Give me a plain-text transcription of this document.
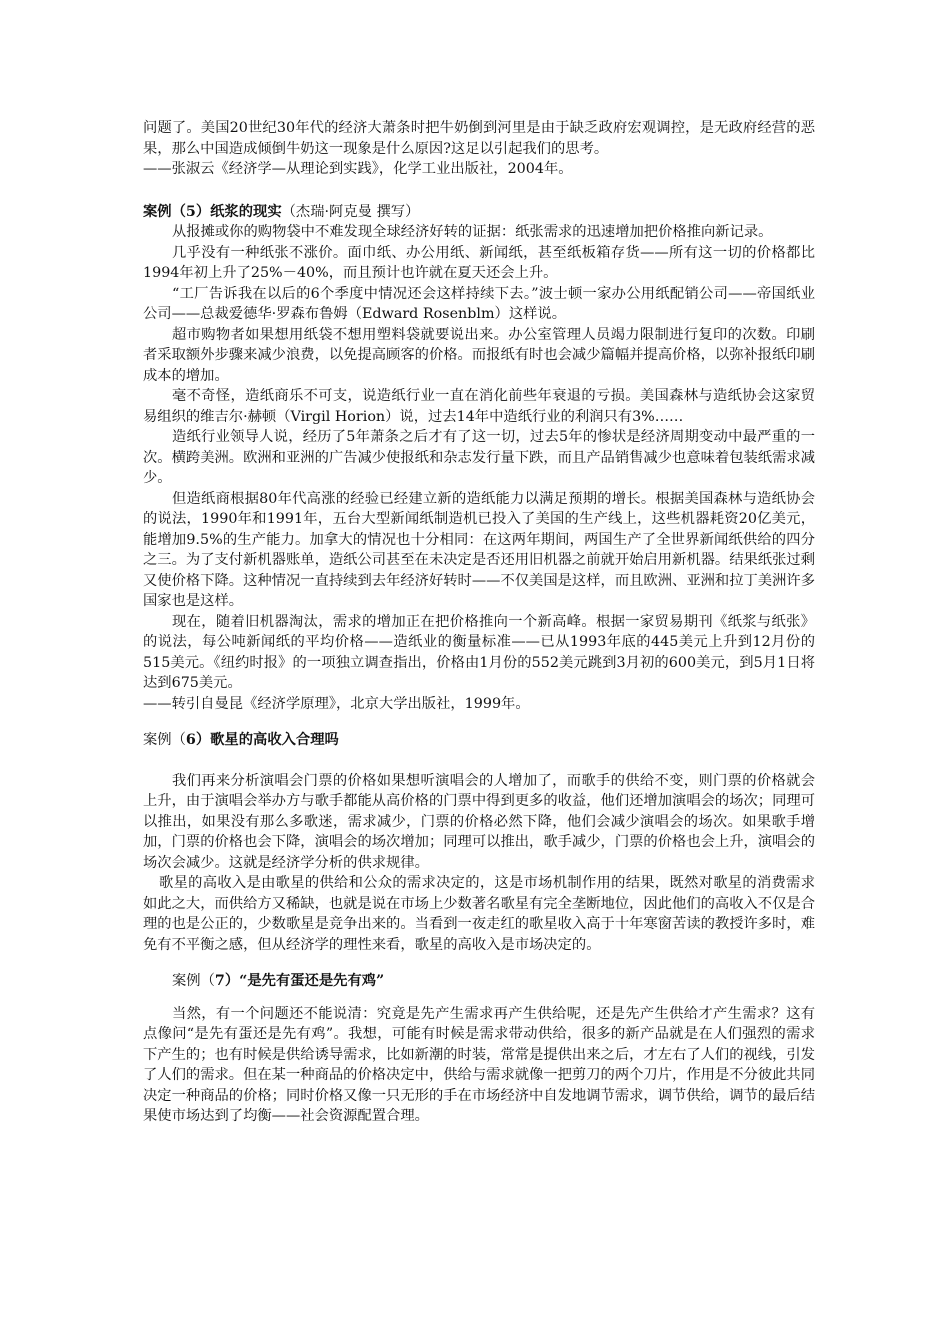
问题了。美国20世纪30年代的经济大萧条时把牛奶倒到河里是由于缺乏政府宏观调控，是无政府经营的恶果，那么中国造成倾倒牛奶这一现象是什么原因?这足以引起我们的思考。

——张淑云《经济学—从理论到实践》，化学工业出版社，2004年。

案例（5）纸浆的现实（杰瑞·阿克曼 撰写）

从报摊或你的购物袋中不难发现全球经济好转的证据：纸张需求的迅速增加把价格推向新记录。

几乎没有一种纸张不涨价。面巾纸、办公用纸、新闻纸，甚至纸板箱存货——所有这一切的价格都比1994年初上升了25%－40%，而且预计也许就在夏天还会上升。

“工厂告诉我在以后的6个季度中情况还会这样持续下去。”波士顿一家办公用纸配销公司——帝国纸业公司——总裁爱德华·罗森布鲁姆（Edward Rosenblm）这样说。

超市购物者如果想用纸袋不想用塑料袋就要说出来。办公室管理人员竭力限制进行复印的次数。印刷者采取额外步骤来减少浪费，以免提高顾客的价格。而报纸有时也会减少篇幅并提高价格，以弥补报纸印刷成本的增加。

毫不奇怪，造纸商乐不可支，说造纸行业一直在消化前些年衰退的亏损。美国森林与造纸协会这家贸易组织的维吉尔·赫顿（Virgil Horion）说，过去14年中造纸行业的利润只有3%……

造纸行业领导人说，经历了5年萧条之后才有了这一切，过去5年的惨状是经济周期变动中最严重的一次。横跨美洲。欧洲和亚洲的广告减少使报纸和杂志发行量下跌，而且产品销售减少也意味着包装纸需求减少。

但造纸商根据80年代高涨的经验已经建立新的造纸能力以满足预期的增长。根据美国森林与造纸协会的说法，1990年和1991年，五台大型新闻纸制造机已投入了美国的生产线上，这些机器耗资20亿美元，能增加9.5%的生产能力。加拿大的情况也十分相同：在这两年期间，两国生产了全世界新闻纸供给的四分之三。为了支付新机器账单，造纸公司甚至在未决定是否还用旧机器之前就开始启用新机器。结果纸张过剩又使价格下降。这种情况一直持续到去年经济好转时——不仅美国是这样，而且欧洲、亚洲和拉丁美洲许多国家也是这样。

现在，随着旧机器淘汰，需求的增加正在把价格推向一个新高峰。根据一家贸易期刊《纸浆与纸张》的说法，每公吨新闻纸的平均价格——造纸业的衡量标准——已从1993年底的445美元上升到12月份的515美元。《纽约时报》的一项独立调查指出，价格由1月份的552美元跳到3月初的600美元，到5月1日将达到675美元。

——转引自曼昆《经济学原理》，北京大学出版社，1999年。

案例（6）歌星的高收入合理吗

我们再来分析演唱会门票的价格如果想听演唱会的人增加了，而歌手的供给不变，则门票的价格就会上升，由于演唱会举办方与歌手都能从高价格的门票中得到更多的收益，他们还增加演唱会的场次；同理可以推出，如果没有那么多歌迷，需求减少，门票的价格必然下降，他们会减少演唱会的场次。如果歌手增加，门票的价格也会下降，演唱会的场次增加；同理可以推出，歌手减少，门票的价格也会上升，演唱会的场次会减少。这就是经济学分析的供求规律。

歌星的高收入是由歌星的供给和公众的需求决定的，这是市场机制作用的结果，既然对歌星的消费需求如此之大，而供给方又稀缺，也就是说在市场上少数著名歌星有完全垄断地位，因此他们的高收入不仅是合理的也是公正的，少数歌星是竞争出来的。当看到一夜走红的歌星收入高于十年寒窗苦读的教授许多时，难免有不平衡之感，但从经济学的理性来看，歌星的高收入是市场决定的。

案例（7）“是先有蛋还是先有鸡”

当然，有一个问题还不能说清：究竟是先产生需求再产生供给呢，还是先产生供给才产生需求？这有点像问“是先有蛋还是先有鸡”。我想，可能有时候是需求带动供给，很多的新产品就是在人们强烈的需求下产生的；也有时候是供给诱导需求，比如新潮的时装，常常是提供出来之后，才左右了人们的视线，引发了人们的需求。但在某一种商品的价格决定中，供给与需求就像一把剪刀的两个刀片，作用是不分彼此共同决定一种商品的价格；同时价格又像一只无形的手在市场经济中自发地调节需求，调节供给，调节的最后结果使市场达到了均衡——社会资源配置合理。
